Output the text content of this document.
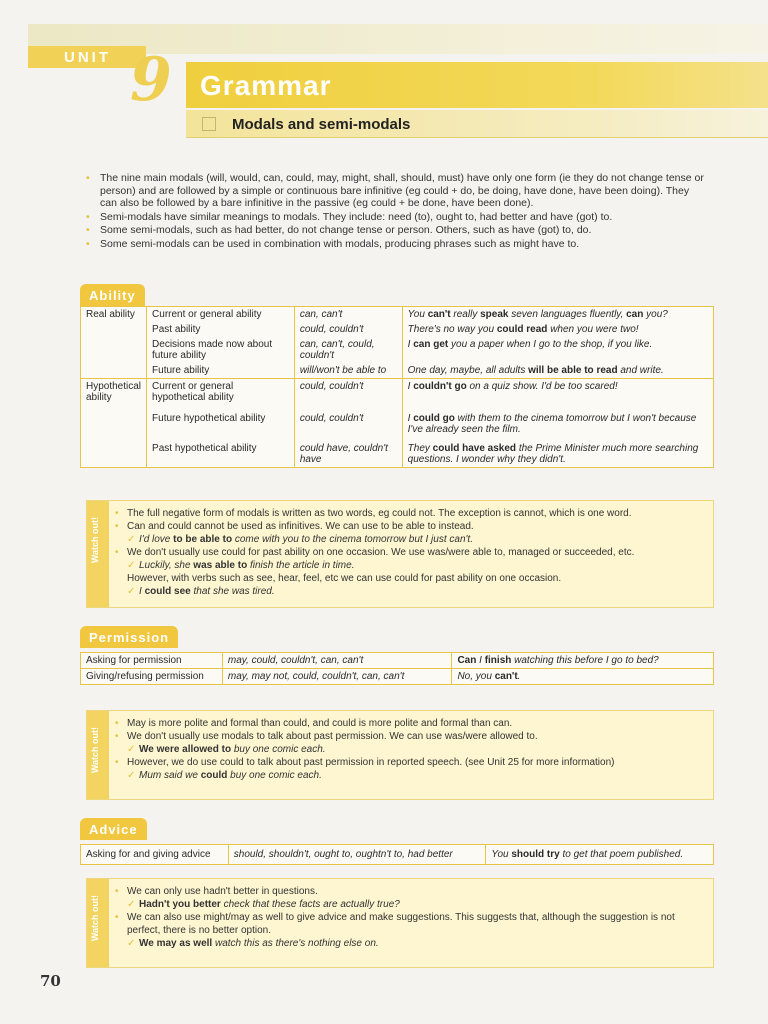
UNIT 9 Grammar
Modals and semi-modals
• The nine main modals (will, would, can, could, may, might, shall, should, must) have only one form (ie they do not change tense or person) and are followed by a simple or continuous bare infinitive (eg could + do, be doing, have done, have been doing). They can also be followed by a bare infinitive in the passive (eg could + be done, have been done).
• Semi-modals have similar meanings to modals. They include: need (to), ought to, had better and have (got) to.
• Some semi-modals, such as had better, do not change tense or person. Others, such as have (got) to, do.
• Some semi-modals can be used in combination with modals, producing phrases such as might have to.
Ability
Real ability	Current or general ability	can, can't	You can't really speak seven languages fluently, can you?
	Past ability	could, couldn't	There's no way you could read when you were two!
	Decisions made now about future ability	can, can't, could, couldn't	I can get you a paper when I go to the shop, if you like.
	Future ability	will/won't be able to	One day, maybe, all adults will be able to read and write.
Hypothetical ability	Current or general hypothetical ability	could, couldn't	I couldn't go on a quiz show. I'd be too scared!
	Future hypothetical ability	could, couldn't	I could go with them to the cinema tomorrow but I won't because I've already seen the film.
	Past hypothetical ability	could have, couldn't have	They could have asked the Prime Minister much more searching questions. I wonder why they didn't.
Watch out!
• The full negative form of modals is written as two words, eg could not. The exception is cannot, which is one word.
• Can and could cannot be used as infinitives. We can use to be able to instead.
✓ I'd love to be able to come with you to the cinema tomorrow but I just can't.
• We don't usually use could for past ability on one occasion. We use was/were able to, managed or succeeded, etc.
✓ Luckily, she was able to finish the article in time.
However, with verbs such as see, hear, feel, etc we can use could for past ability on one occasion.
✓ I could see that she was tired.
Permission
Asking for permission	may, could, couldn't, can, can't	Can I finish watching this before I go to bed?
Giving/refusing permission	may, may not, could, couldn't, can, can't	No, you can't.
Watch out!
• May is more polite and formal than could, and could is more polite and formal than can.
• We don't usually use modals to talk about past permission. We can use was/were allowed to.
✓ We were allowed to buy one comic each.
• However, we do use could to talk about past permission in reported speech. (see Unit 25 for more information)
✓ Mum said we could buy one comic each.
Advice
Asking for and giving advice	should, shouldn't, ought to, oughtn't to, had better	You should try to get that poem published.
Watch out!
• We can only use hadn't better in questions.
✓ Hadn't you better check that these facts are actually true?
• We can also use might/may as well to give advice and make suggestions. This suggests that, although the suggestion is not perfect, there is no better option.
✓ We may as well watch this as there's nothing else on.
70
